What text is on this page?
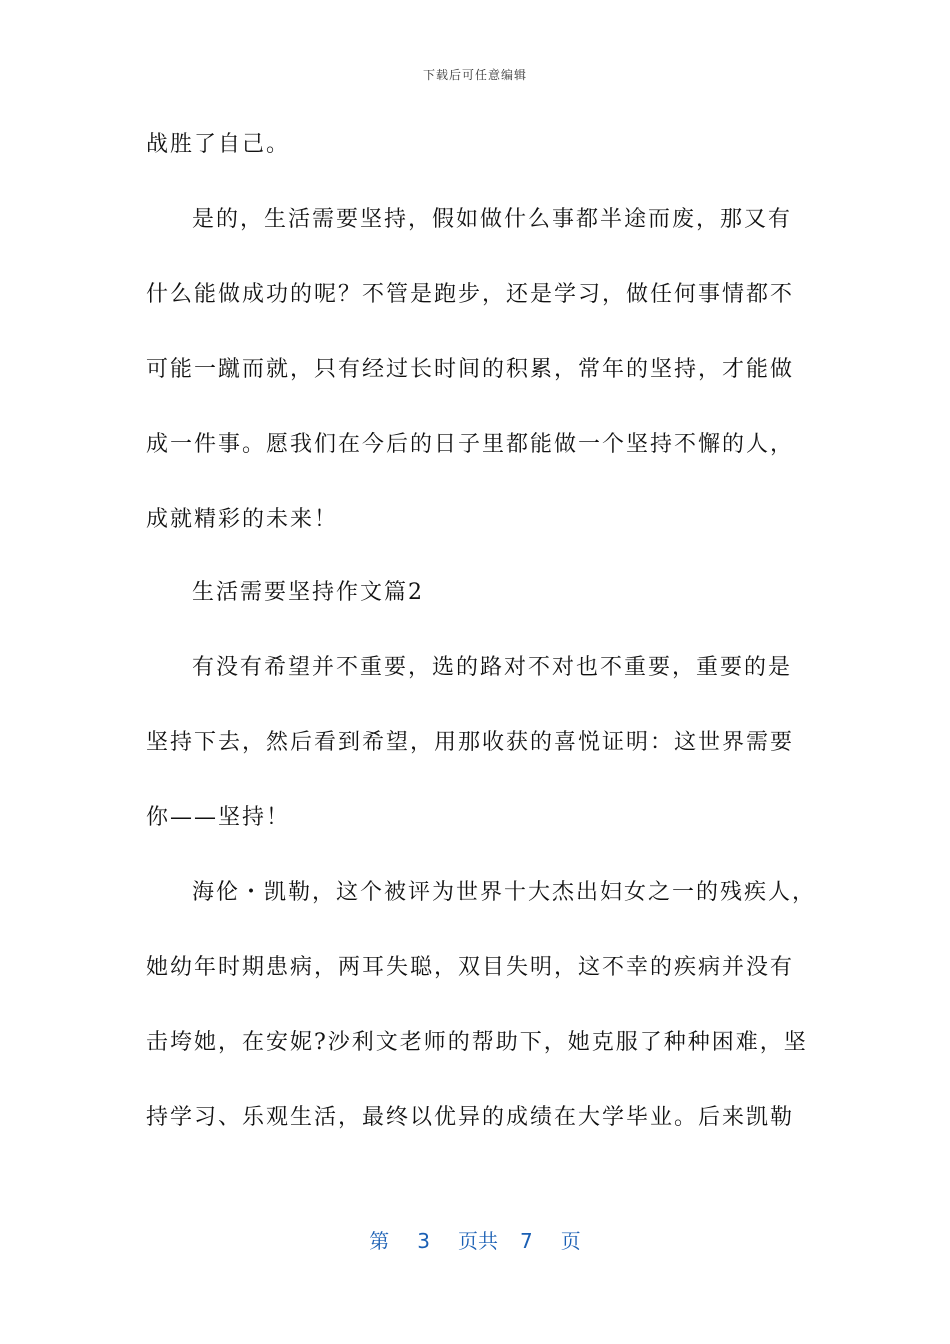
下载后可任意编辑
战胜了自己。
是的，生活需要坚持，假如做什么事都半途而废，那又有
什么能做成功的呢？不管是跑步，还是学习，做任何事情都不
可能一蹴而就，只有经过长时间的积累，常年的坚持，才能做
成一件事。愿我们在今后的日子里都能做一个坚持不懈的人，
成就精彩的未来！
生活需要坚持作文篇2
有没有希望并不重要，选的路对不对也不重要，重要的是
坚持下去，然后看到希望，用那收获的喜悦证明：这世界需要
你——坚持！
海伦・凯勒，这个被评为世界十大杰出妇女之一的残疾人，
她幼年时期患病，两耳失聪，双目失明，这不幸的疾病并没有
击垮她，在安妮?沙利文老师的帮助下，她克服了种种困难，坚
持学习、乐观生活，最终以优异的成绩在大学毕业。后来凯勒
第 3 页共 7 页
